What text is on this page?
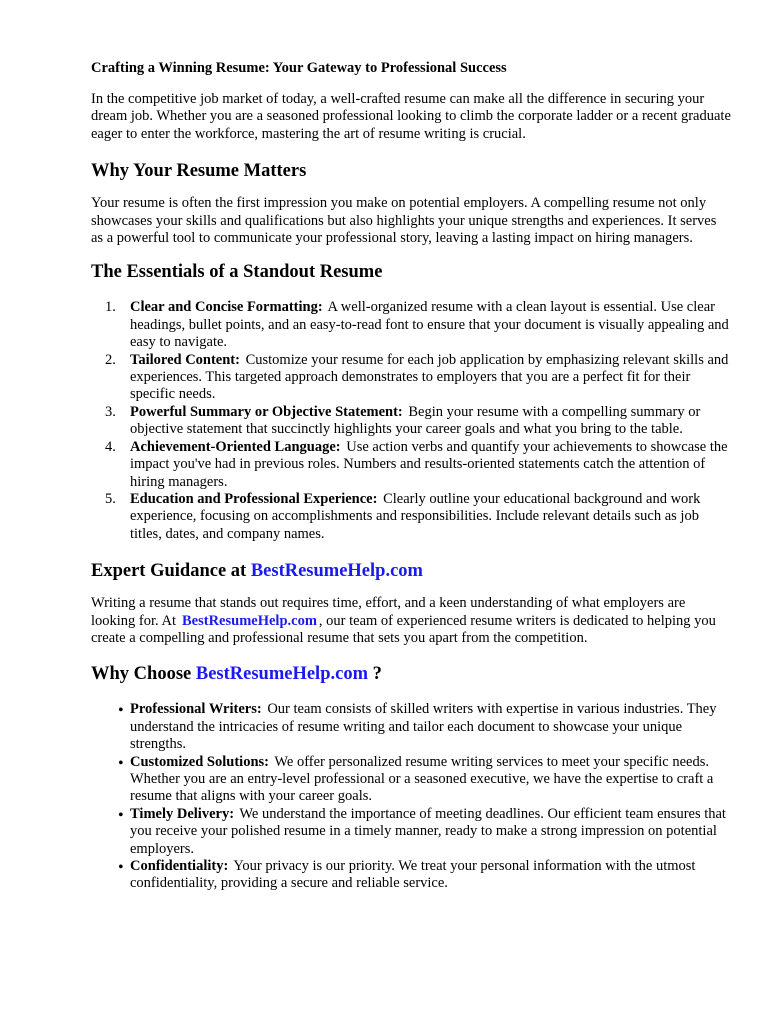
Crafting a Winning Resume: Your Gateway to Professional Success

In the competitive job market of today, a well-crafted resume can make all the difference in securing your dream job. Whether you are a seasoned professional looking to climb the corporate ladder or a recent graduate eager to enter the workforce, mastering the art of resume writing is crucial.

Why Your Resume Matters

Your resume is often the first impression you make on potential employers. A compelling resume not only showcases your skills and qualifications but also highlights your unique strengths and experiences. It serves as a powerful tool to communicate your professional story, leaving a lasting impact on hiring managers.

The Essentials of a Standout Resume
1. Clear and Concise Formatting: A well-organized resume with a clean layout is essential. Use clear headings, bullet points, and an easy-to-read font to ensure that your document is visually appealing and easy to navigate.
2. Tailored Content: Customize your resume for each job application by emphasizing relevant skills and experiences. This targeted approach demonstrates to employers that you are a perfect fit for their specific needs.
3. Powerful Summary or Objective Statement: Begin your resume with a compelling summary or objective statement that succinctly highlights your career goals and what you bring to the table.
4. Achievement-Oriented Language: Use action verbs and quantify your achievements to showcase the impact you've had in previous roles. Numbers and results-oriented statements catch the attention of hiring managers.
5. Education and Professional Experience: Clearly outline your educational background and work experience, focusing on accomplishments and responsibilities. Include relevant details such as job titles, dates, and company names.
Expert Guidance at BestResumeHelp.com

Writing a resume that stands out requires time, effort, and a keen understanding of what employers are looking for. At BestResumeHelp.com , our team of experienced resume writers is dedicated to helping you create a compelling and professional resume that sets you apart from the competition.

Why Choose BestResumeHelp.com ?
• Professional Writers: Our team consists of skilled writers with expertise in various industries. They understand the intricacies of resume writing and tailor each document to showcase your unique strengths.
• Customized Solutions: We offer personalized resume writing services to meet your specific needs. Whether you are an entry-level professional or a seasoned executive, we have the expertise to craft a resume that aligns with your career goals.
• Timely Delivery: We understand the importance of meeting deadlines. Our efficient team ensures that you receive your polished resume in a timely manner, ready to make a strong impression on potential employers.
• Confidentiality: Your privacy is our priority. We treat your personal information with the utmost confidentiality, providing a secure and reliable service.
